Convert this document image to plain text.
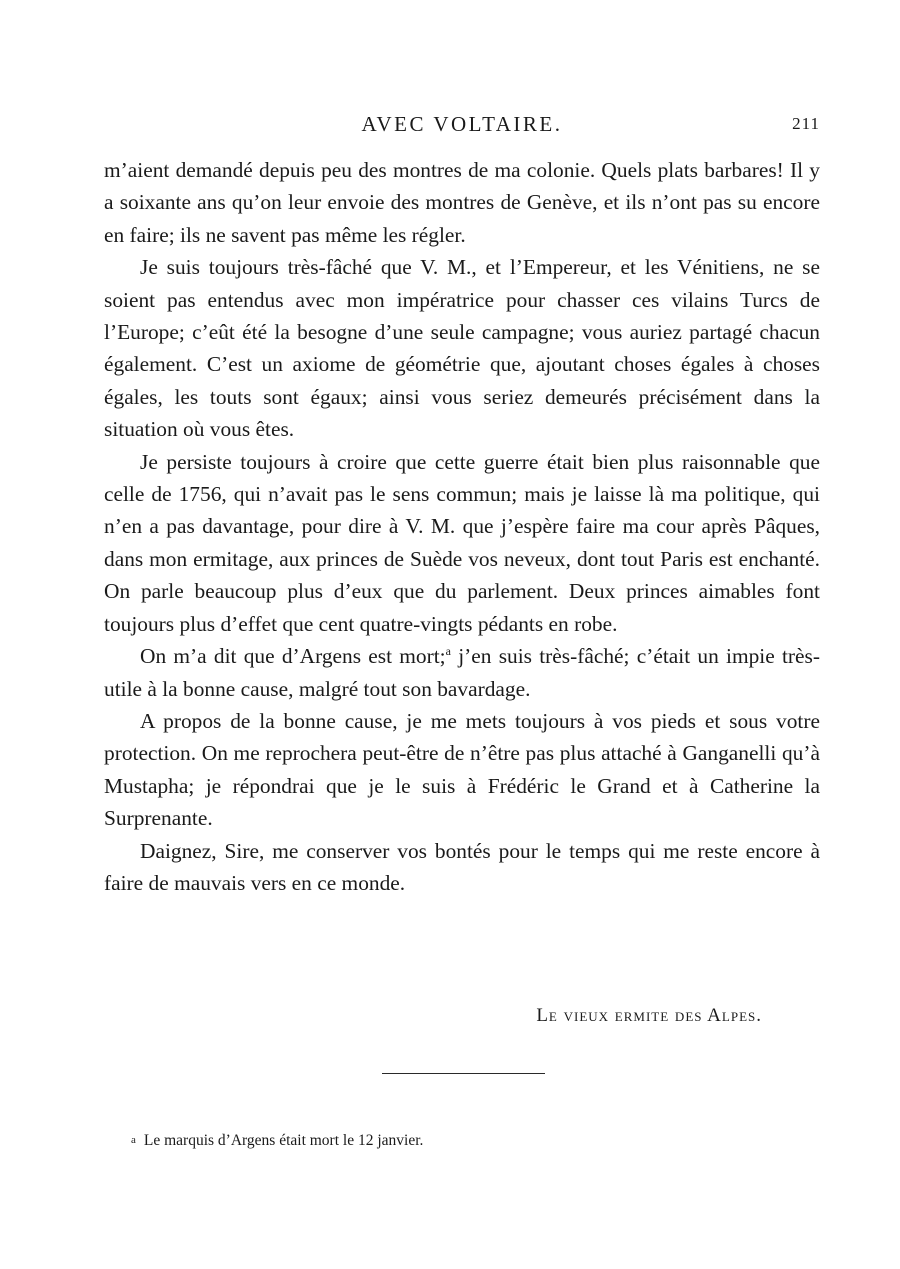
AVEC VOLTAIRE.	211

m’aient demandé depuis peu des montres de ma colonie. Quels plats barbares! Il y a soixante ans qu’on leur envoie des montres de Genève, et ils n’ont pas su encore en faire; ils ne savent pas même les régler.

Je suis toujours très-fâché que V. M., et l’Empereur, et les Vénitiens, ne se soient pas entendus avec mon impératrice pour chasser ces vilains Turcs de l’Europe; c’eût été la besogne d’une seule campagne; vous auriez partagé chacun également. C’est un axiome de géométrie que, ajoutant choses égales à choses égales, les touts sont égaux; ainsi vous seriez demeurés précisément dans la situation où vous êtes.

Je persiste toujours à croire que cette guerre était bien plus raisonnable que celle de 1756, qui n’avait pas le sens commun; mais je laisse là ma politique, qui n’en a pas davantage, pour dire à V. M. que j’espère faire ma cour après Pâques, dans mon ermitage, aux princes de Suède vos neveux, dont tout Paris est enchanté. On parle beaucoup plus d’eux que du parlement. Deux princes aimables font toujours plus d’effet que cent quatre-vingts pédants en robe.

On m’a dit que d’Argens est mort;$^a$ j’en suis très-fâché; c’était un impie très-utile à la bonne cause, malgré tout son bavardage.

A propos de la bonne cause, je me mets toujours à vos pieds et sous votre protection. On me reprochera peut-être de n’être pas plus attaché à Ganganelli qu’à Mustapha; je répondrai que je le suis à Frédéric le Grand et à Catherine la Surprenante.

Daignez, Sire, me conserver vos bontés pour le temps qui me reste encore à faire de mauvais vers en ce monde.

Le vieux ermite des Alpes.
a Le marquis d’Argens était mort le 12 janvier.
